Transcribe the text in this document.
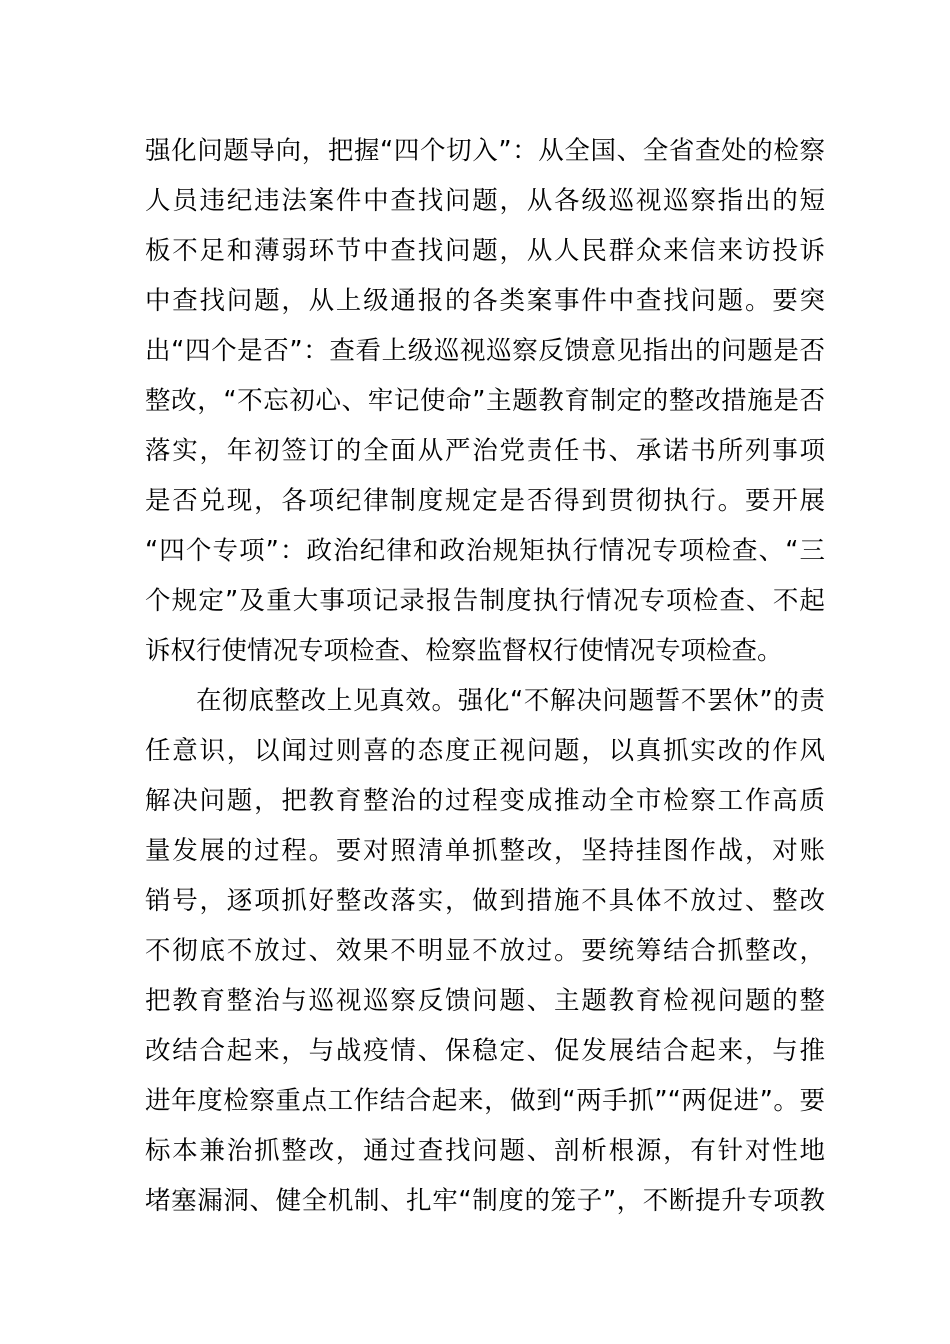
强化问题导向，把握“四个切入”：从全国、全省查处的检察
人员违纪违法案件中查找问题，从各级巡视巡察指出的短
板不足和薄弱环节中查找问题，从人民群众来信来访投诉
中查找问题，从上级通报的各类案事件中查找问题。要突
出“四个是否”：查看上级巡视巡察反馈意见指出的问题是否
整改，“不忘初心、牢记使命”主题教育制定的整改措施是否
落实，年初签订的全面从严治党责任书、承诺书所列事项
是否兑现，各项纪律制度规定是否得到贯彻执行。要开展
“四个专项”：政治纪律和政治规矩执行情况专项检查、“三
个规定”及重大事项记录报告制度执行情况专项检查、不起
诉权行使情况专项检查、检察监督权行使情况专项检查。
在彻底整改上见真效。强化“不解决问题誓不罢休”的责
任意识，以闻过则喜的态度正视问题，以真抓实改的作风
解决问题，把教育整治的过程变成推动全市检察工作高质
量发展的过程。要对照清单抓整改，坚持挂图作战，对账
销号，逐项抓好整改落实，做到措施不具体不放过、整改
不彻底不放过、效果不明显不放过。要统筹结合抓整改，
把教育整治与巡视巡察反馈问题、主题教育检视问题的整
改结合起来，与战疫情、保稳定、促发展结合起来，与推
进年度检察重点工作结合起来，做到“两手抓”“两促进”。要
标本兼治抓整改，通过查找问题、剖析根源，有针对性地
堵塞漏洞、健全机制、扎牢“制度的笼子”，不断提升专项教
